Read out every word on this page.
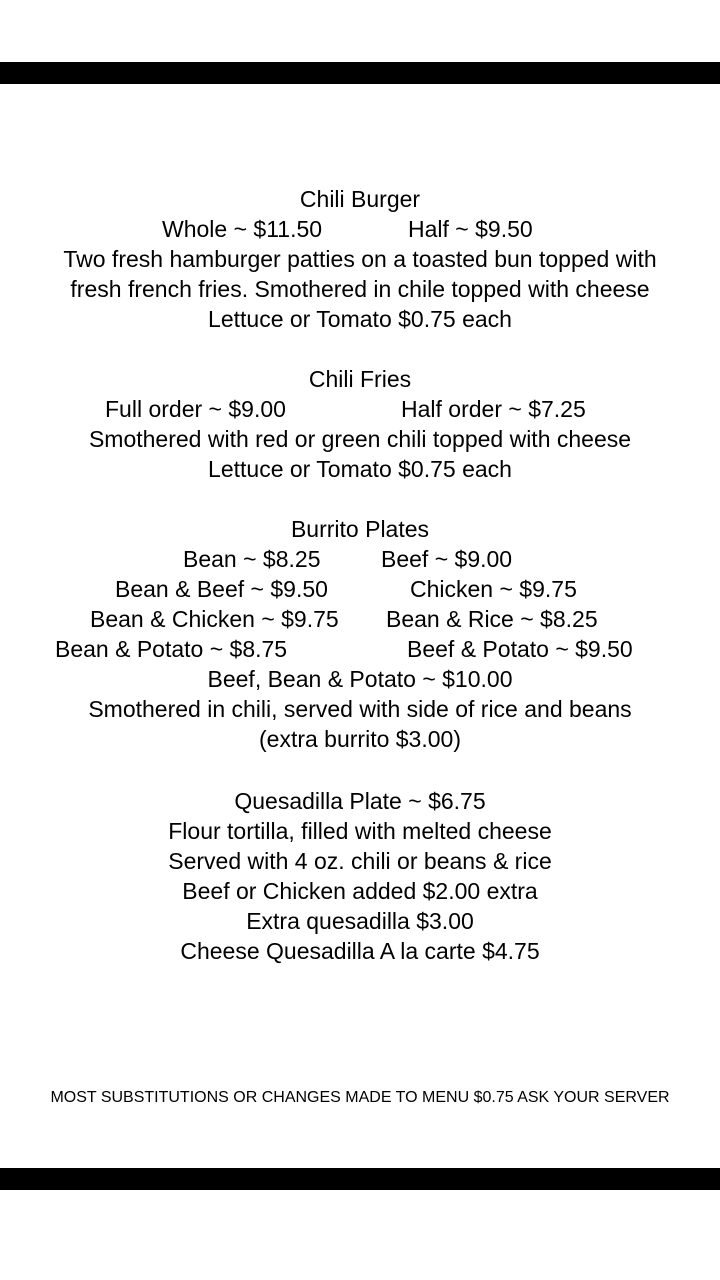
Chili Burger
Whole ~ $11.50	Half ~ $9.50
Two fresh hamburger patties on a toasted bun topped with
fresh french fries. Smothered in chile topped with cheese
Lettuce or Tomato $0.75 each
Chili Fries
Full order ~ $9.00	Half order ~ $7.25
Smothered with red or green chili topped with cheese
Lettuce or Tomato $0.75 each
Burrito Plates
Bean ~ $8.25	Beef ~ $9.00
Bean & Beef ~ $9.50	Chicken ~ $9.75
Bean & Chicken ~ $9.75 Bean & Rice ~ $8.25
Bean & Potato ~ $8.75	Beef & Potato ~ $9.50
Beef, Bean & Potato ~ $10.00
Smothered in chili, served with side of rice and beans
(extra burrito $3.00)
Quesadilla Plate ~ $6.75
Flour tortilla, filled with melted cheese
Served with 4 oz. chili or beans & rice
Beef or Chicken added $2.00 extra
Extra quesadilla $3.00
Cheese Quesadilla A la carte $4.75
MOST SUBSTITUTIONS OR CHANGES MADE TO MENU $0.75 ASK YOUR SERVER
